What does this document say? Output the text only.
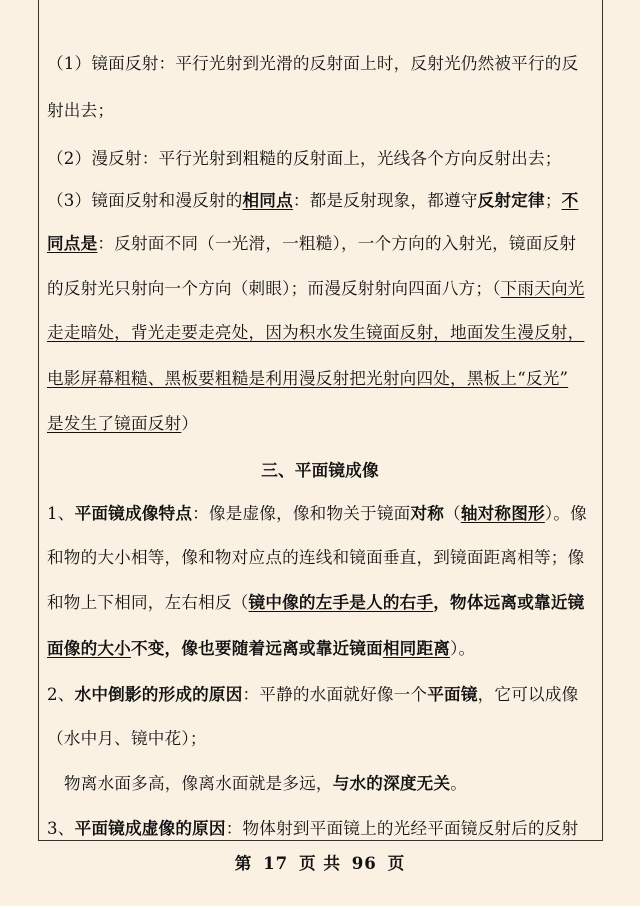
（1）镜面反射：平行光射到光滑的反射面上时，反射光仍然被平行的反
射出去；
（2）漫反射：平行光射到粗糙的反射面上，光线各个方向反射出去；
（3）镜面反射和漫反射的相同点：都是反射现象，都遵守反射定律；不
同点是：反射面不同（一光滑，一粗糙），一个方向的入射光，镜面反射
的反射光只射向一个方向（刺眼）；而漫反射射向四面八方；（下雨天向光
走走暗处，背光走要走亮处，因为积水发生镜面反射，地面发生漫反射，
电影屏幕粗糙、黑板要粗糙是利用漫反射把光射向四处，黑板上“反光”
是发生了镜面反射）
三、平面镜成像
1、平面镜成像特点：像是虚像，像和物关于镜面对称（轴对称图形）。像
和物的大小相等，像和物对应点的连线和镜面垂直，到镜面距离相等；像
和物上下相同，左右相反（镜中像的左手是人的右手，物体远离或靠近镜
面像的大小不变，像也要随着远离或靠近镜面相同距离）。
2、水中倒影的形成的原因：平静的水面就好像一个平面镜，它可以成像
（水中月、镜中花）；
物离水面多高，像离水面就是多远，与水的深度无关。
3、平面镜成虚像的原因：物体射到平面镜上的光经平面镜反射后的反射
第 17 页 共 96 页
